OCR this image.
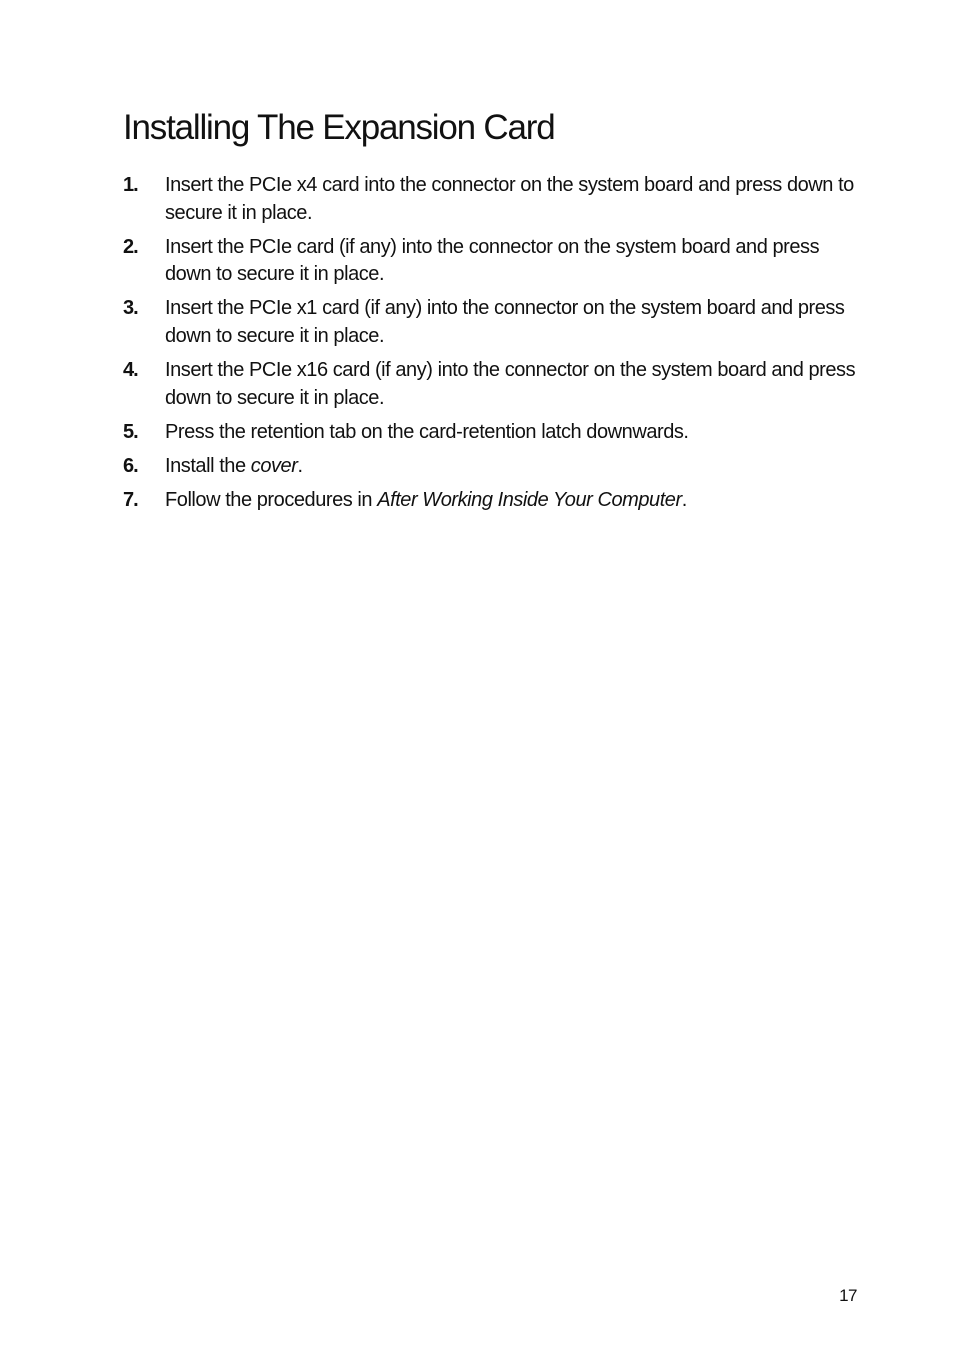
Installing The Expansion Card
1. Insert the PCIe x4 card into the connector on the system board and press down to secure it in place.
2. Insert the PCIe card (if any) into the connector on the system board and press down to secure it in place.
3. Insert the PCIe x1 card (if any) into the connector on the system board and press down to secure it in place.
4. Insert the PCIe x16 card (if any) into the connector on the system board and press down to secure it in place.
5. Press the retention tab on the card-retention latch downwards.
6. Install the cover.
7. Follow the procedures in After Working Inside Your Computer.
17
